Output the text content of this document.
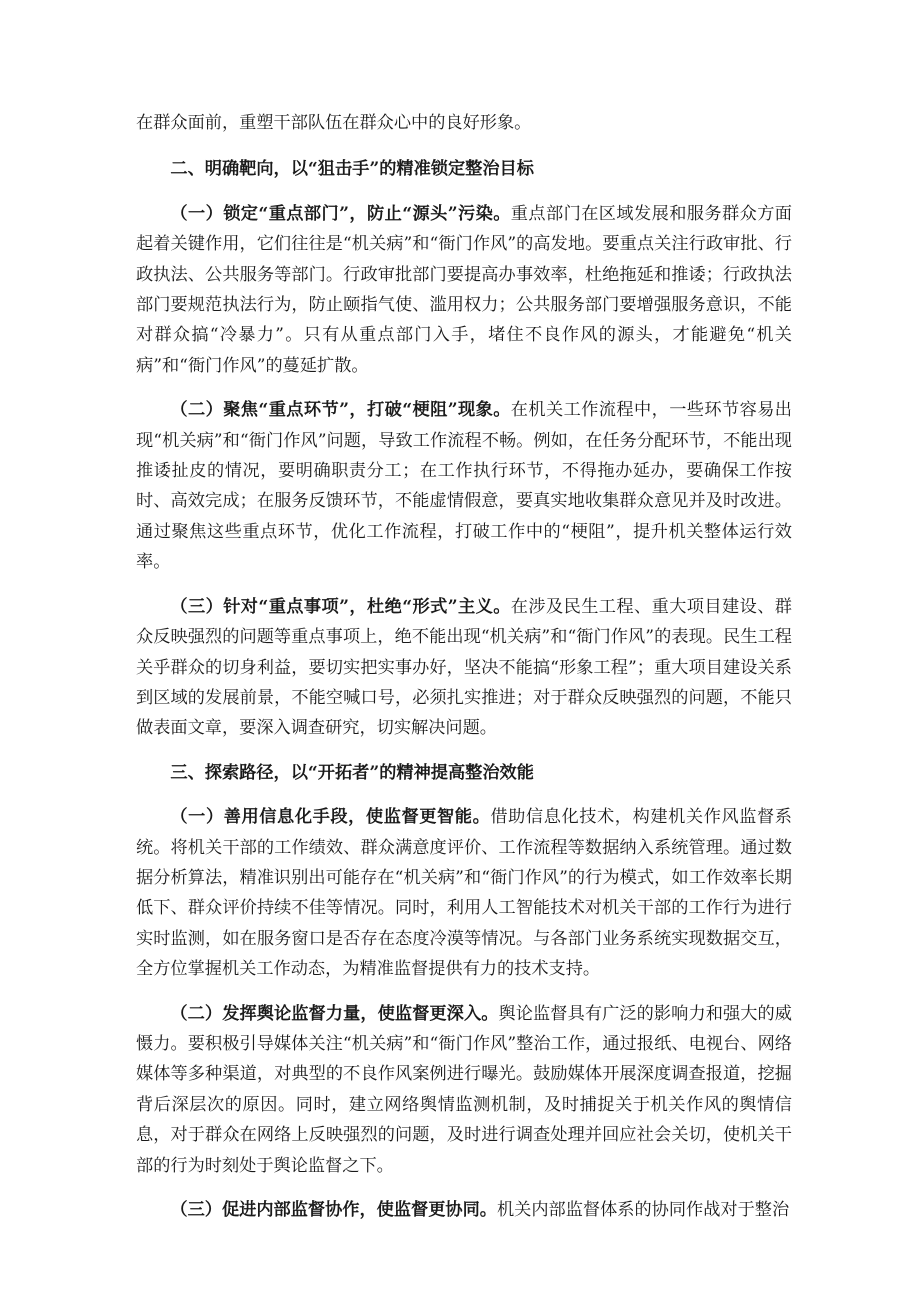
在群众面前，重塑干部队伍在群众心中的良好形象。

二、明确靶向，以“狙击手”的精准锁定整治目标

（一）锁定“重点部门”，防止“源头”污染。重点部门在区域发展和服务群众方面起着关键作用，它们往往是“机关病”和“衙门作风”的高发地。要重点关注行政审批、行政执法、公共服务等部门。行政审批部门要提高办事效率，杜绝拖延和推诿；行政执法部门要规范执法行为，防止颐指气使、滥用权力；公共服务部门要增强服务意识，不能对群众搞“冷暴力”。只有从重点部门入手，堵住不良作风的源头，才能避免“机关病”和“衙门作风”的蔓延扩散。

（二）聚焦“重点环节”，打破“梗阻”现象。在机关工作流程中，一些环节容易出现“机关病”和“衙门作风”问题，导致工作流程不畅。例如，在任务分配环节，不能出现推诿扯皮的情况，要明确职责分工；在工作执行环节，不得拖办延办，要确保工作按时、高效完成；在服务反馈环节，不能虚情假意，要真实地收集群众意见并及时改进。通过聚焦这些重点环节，优化工作流程，打破工作中的“梗阻”，提升机关整体运行效率。

（三）针对“重点事项”，杜绝“形式”主义。在涉及民生工程、重大项目建设、群众反映强烈的问题等重点事项上，绝不能出现“机关病”和“衙门作风”的表现。民生工程关乎群众的切身利益，要切实把实事办好，坚决不能搞“形象工程”；重大项目建设关系到区域的发展前景，不能空喊口号，必须扎实推进；对于群众反映强烈的问题，不能只做表面文章，要深入调查研究，切实解决问题。

三、探索路径，以“开拓者”的精神提高整治效能

（一）善用信息化手段，使监督更智能。借助信息化技术，构建机关作风监督系统。将机关干部的工作绩效、群众满意度评价、工作流程等数据纳入系统管理。通过数据分析算法，精准识别出可能存在“机关病”和“衙门作风”的行为模式，如工作效率长期低下、群众评价持续不佳等情况。同时，利用人工智能技术对机关干部的工作行为进行实时监测，如在服务窗口是否存在态度冷漠等情况。与各部门业务系统实现数据交互，全方位掌握机关工作动态，为精准监督提供有力的技术支持。

（二）发挥舆论监督力量，使监督更深入。舆论监督具有广泛的影响力和强大的威慑力。要积极引导媒体关注“机关病”和“衙门作风”整治工作，通过报纸、电视台、网络媒体等多种渠道，对典型的不良作风案例进行曝光。鼓励媒体开展深度调查报道，挖掘背后深层次的原因。同时，建立网络舆情监测机制，及时捕捉关于机关作风的舆情信息，对于群众在网络上反映强烈的问题，及时进行调查处理并回应社会关切，使机关干部的行为时刻处于舆论监督之下。

（三）促进内部监督协作，使监督更协同。机关内部监督体系的协同作战对于整治
